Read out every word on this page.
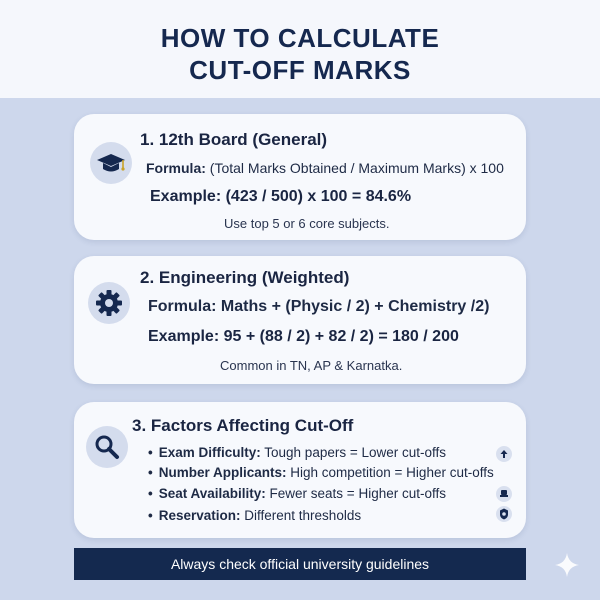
HOW TO CALCULATE
CUT-OFF MARKS
1. 12th Board (General)
Formula: (Total Marks Obtained / Maximum Marks) x 100
Example: (423 / 500) x 100 = 84.6%
Use top 5 or 6 core subjects.
2. Engineering (Weighted)
Formula: Maths + (Physic / 2) + Chemistry /2)
Example: 95 + (88 / 2) + 82 / 2) = 180 / 200
Common in TN, AP & Karnatka.
3. Factors Affecting Cut-Off
• Exam Difficulty: Tough papers = Lower cut-offs
• Number Applicants: High competition = Higher cut-offs
• Seat Availability: Fewer seats = Higher cut-offs
• Reservation: Different thresholds
Always check official university guidelines
